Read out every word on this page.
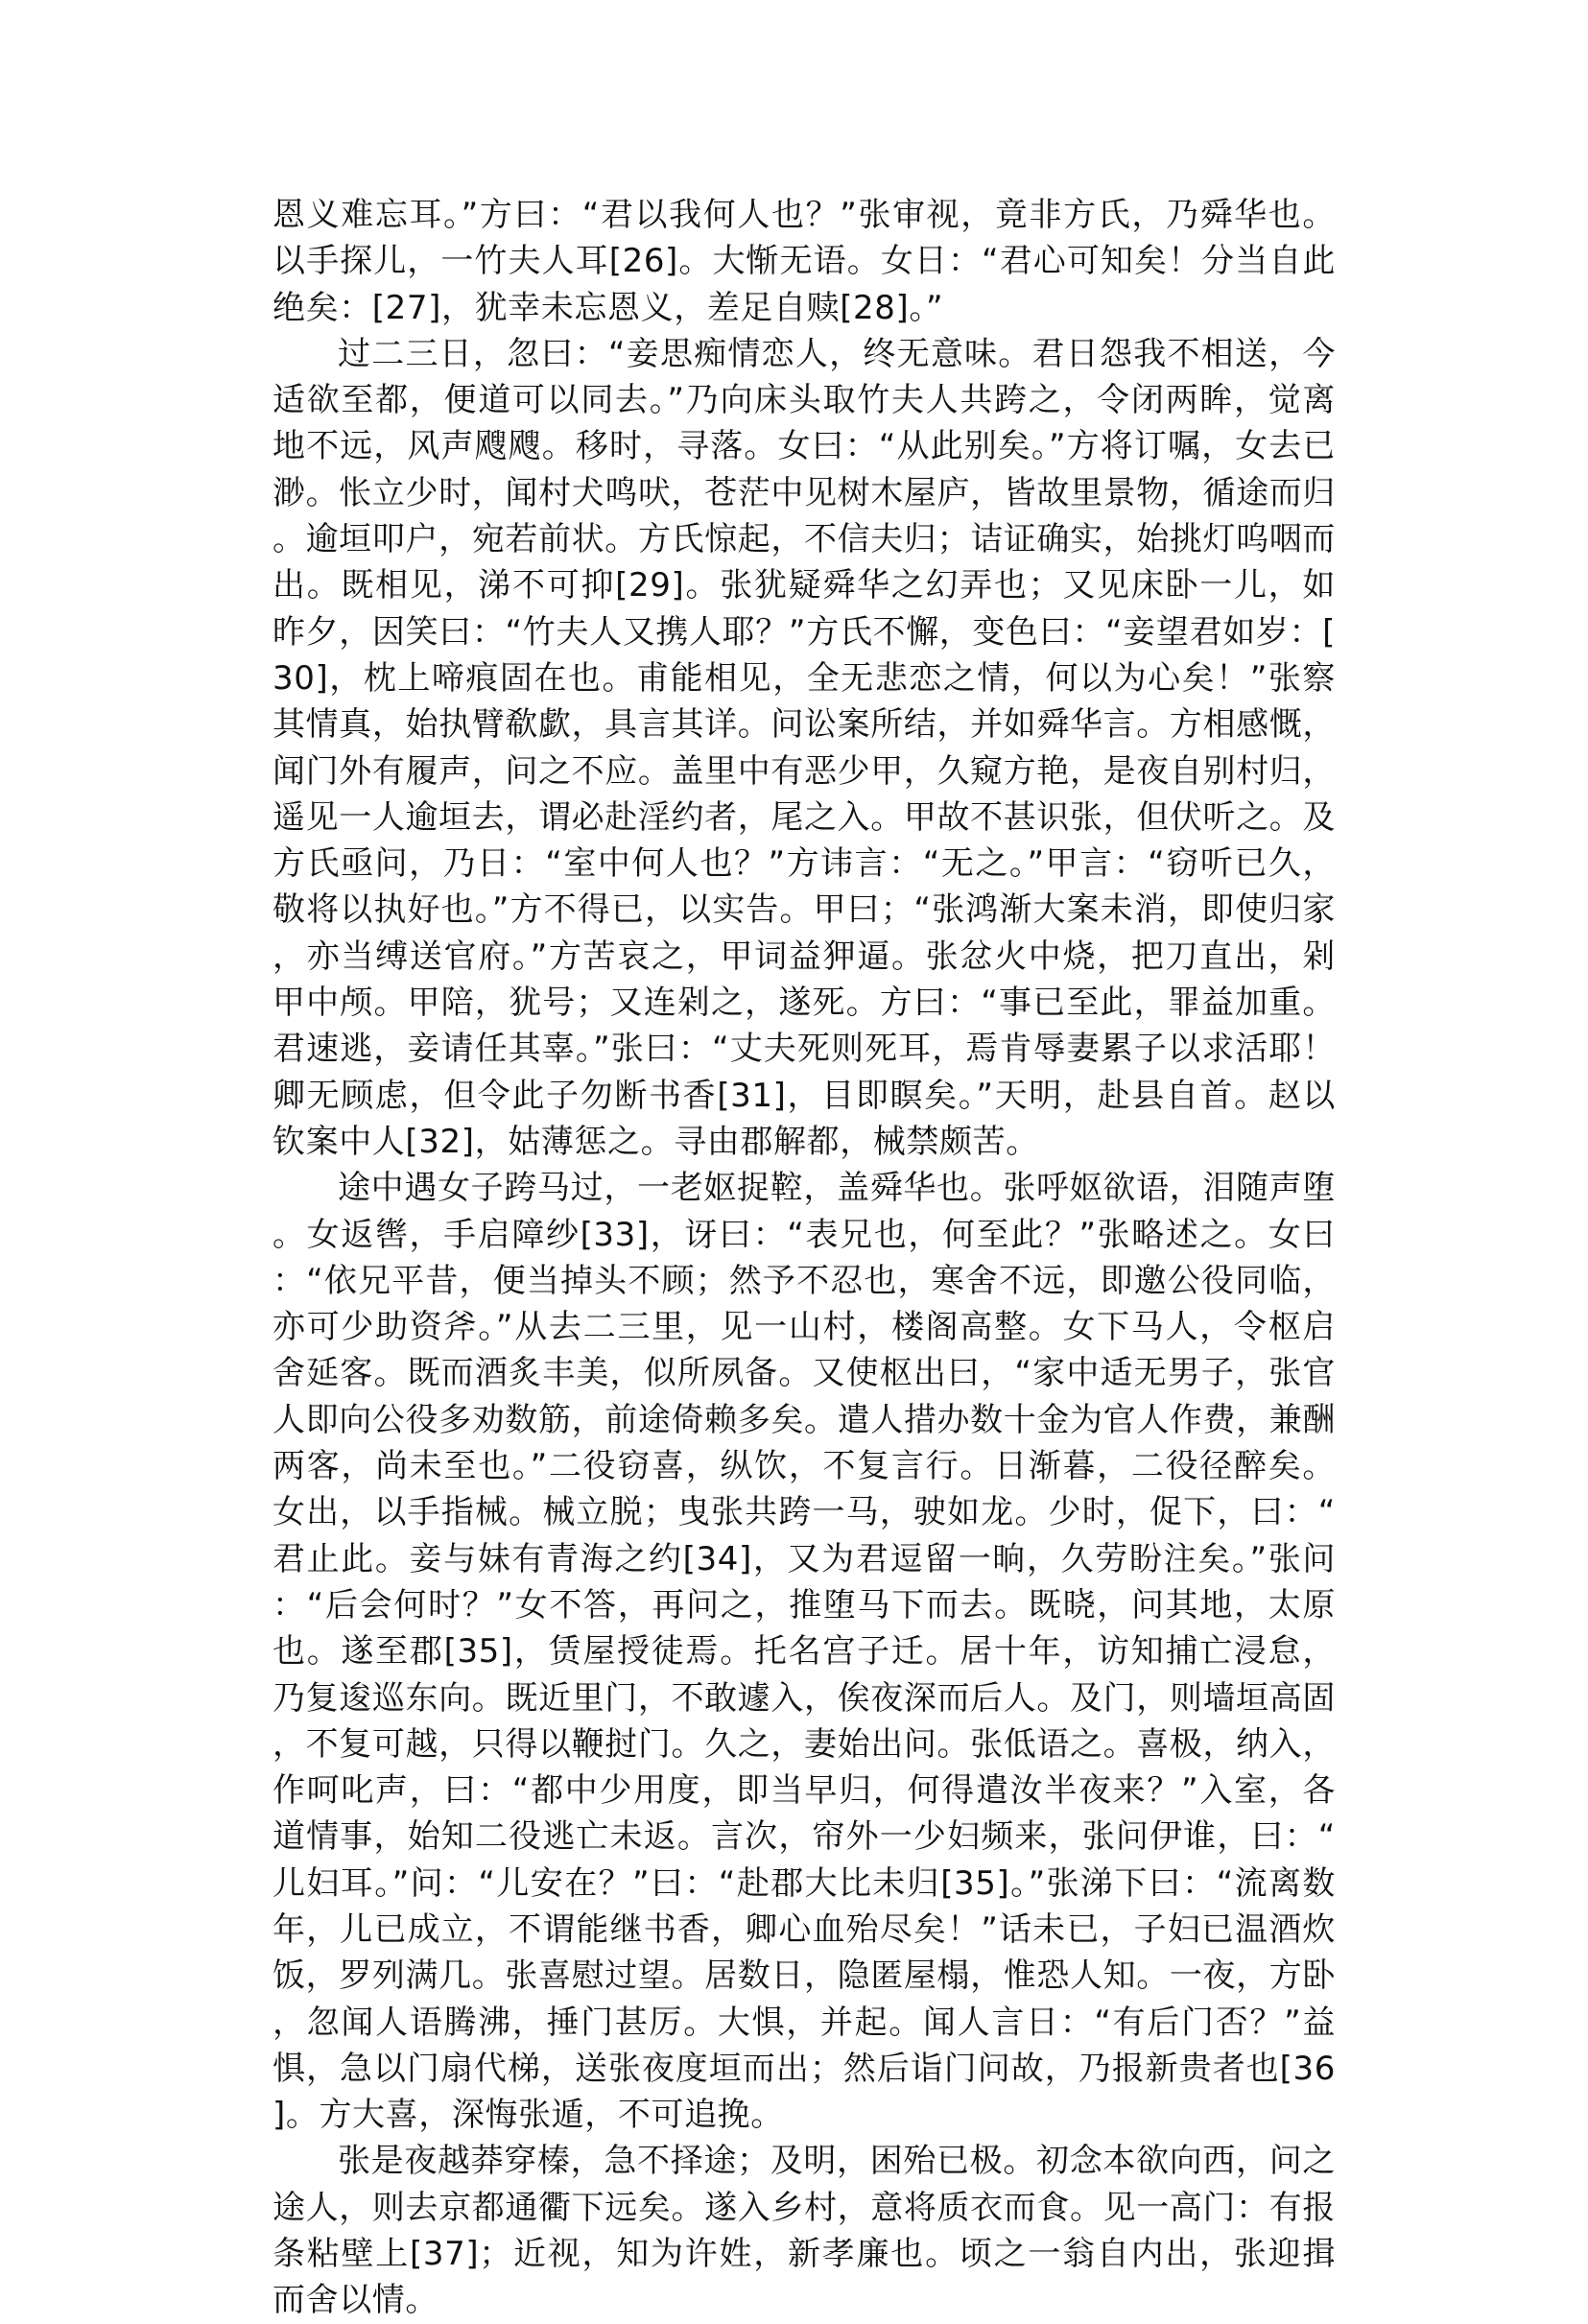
恩义难忘耳。”方曰：“君以我何人也？”张审视，竟非方氏，乃舜华也。以手探儿，一竹夫人耳[26]。大惭无语。女日：“君心可知矣！分当自此绝矣：[27]，犹幸未忘恩义，差足自赎[28]。”

过二三日，忽曰：“妾思痴情恋人，终无意味。君日怨我不相送，今适欲至都，便道可以同去。”乃向床头取竹夫人共跨之，令闭两眸，觉离地不远，风声飕飕。移时，寻落。女曰：“从此别矣。”方将订嘱，女去已渺。怅立少时，闻村犬鸣吠，苍茫中见树木屋庐，皆故里景物，循途而归。逾垣叩户，宛若前状。方氏惊起，不信夫归；诘证确实，始挑灯呜咽而出。既相见，涕不可抑[29]。张犹疑舜华之幻弄也；又见床卧一儿，如昨夕，因笑曰：“竹夫人又携人耶？”方氏不懈，变色曰：“妾望君如岁：[30]，枕上啼痕固在也。甫能相见，全无悲恋之情，何以为心矣！”张察其情真，始执臂欷歔，具言其详。问讼案所结，并如舜华言。方相感慨，闻门外有履声，问之不应。盖里中有恶少甲，久窥方艳，是夜自别村归，遥见一人逾垣去，谓必赴淫约者，尾之入。甲故不甚识张，但伏听之。及方氏亟问，乃日：“室中何人也？”方讳言：“无之。”甲言：“窃听已久，敬将以执好也。”方不得已，以实告。甲曰；“张鸿渐大案未消，即使归家，亦当缚送官府。”方苦哀之，甲词益狎逼。张忿火中烧，把刀直出，剁甲中颅。甲陪，犹号；又连剁之，遂死。方曰：“事已至此，罪益加重。君速逃，妾请任其辜。”张曰：“丈夫死则死耳，焉肯辱妻累子以求活耶！卿无顾虑，但令此子勿断书香[31]，目即瞑矣。”天明，赴县自首。赵以钦案中人[32]，姑薄惩之。寻由郡解都，械禁颇苦。

途中遇女子跨马过，一老妪捉鞚，盖舜华也。张呼妪欲语，泪随声堕。女返辔，手启障纱[33]，讶曰：“表兄也，何至此？”张略述之。女曰：“依兄平昔，便当掉头不顾；然予不忍也，寒舍不远，即邀公役同临，亦可少助资斧。”从去二三里，见一山村，楼阁高整。女下马人，令枢启舍延客。既而酒炙丰美，似所夙备。又使枢出曰，“家中适无男子，张官人即向公役多劝数筋，前途倚赖多矣。遣人措办数十金为官人作费，兼酬两客，尚未至也。”二役窃喜，纵饮，不复言行。日渐暮，二役径醉矣。女出，以手指械。械立脱；曳张共跨一马，驶如龙。少时，促下，曰：“君止此。妾与妹有青海之约[34]，又为君逗留一晌，久劳盼注矣。”张问：“后会何时？”女不答，再问之，推堕马下而去。既晓，问其地，太原也。遂至郡[35]，赁屋授徒焉。托名宫子迁。居十年，访知捕亡浸怠，乃复逡巡东向。既近里门，不敢遽入，俟夜深而后人。及门，则墙垣高固，不复可越，只得以鞭挝门。久之，妻始出问。张低语之。喜极，纳入，作呵叱声，曰：“都中少用度，即当早归，何得遣汝半夜来？”入室，各道情事，始知二役逃亡未返。言次，帘外一少妇频来，张问伊谁，曰：“儿妇耳。”问：“儿安在？”曰：“赴郡大比未归[35]。”张涕下曰：“流离数年，儿已成立，不谓能继书香，卿心血殆尽矣！”话未已，子妇已温酒炊饭，罗列满几。张喜慰过望。居数日，隐匿屋榻，惟恐人知。一夜，方卧，忽闻人语腾沸，捶门甚厉。大惧，并起。闻人言日：“有后门否？”益惧，急以门扇代梯，送张夜度垣而出；然后诣门问故，乃报新贵者也[36]。方大喜，深悔张遁，不可追挽。

张是夜越莽穿榛，急不择途；及明，困殆已极。初念本欲向西，问之途人，则去京都通衢下远矣。遂入乡村，意将质衣而食。见一高门：有报条粘壁上[37]；近视，知为许姓，新孝廉也。顷之一翁自内出，张迎揖而舍以情。
